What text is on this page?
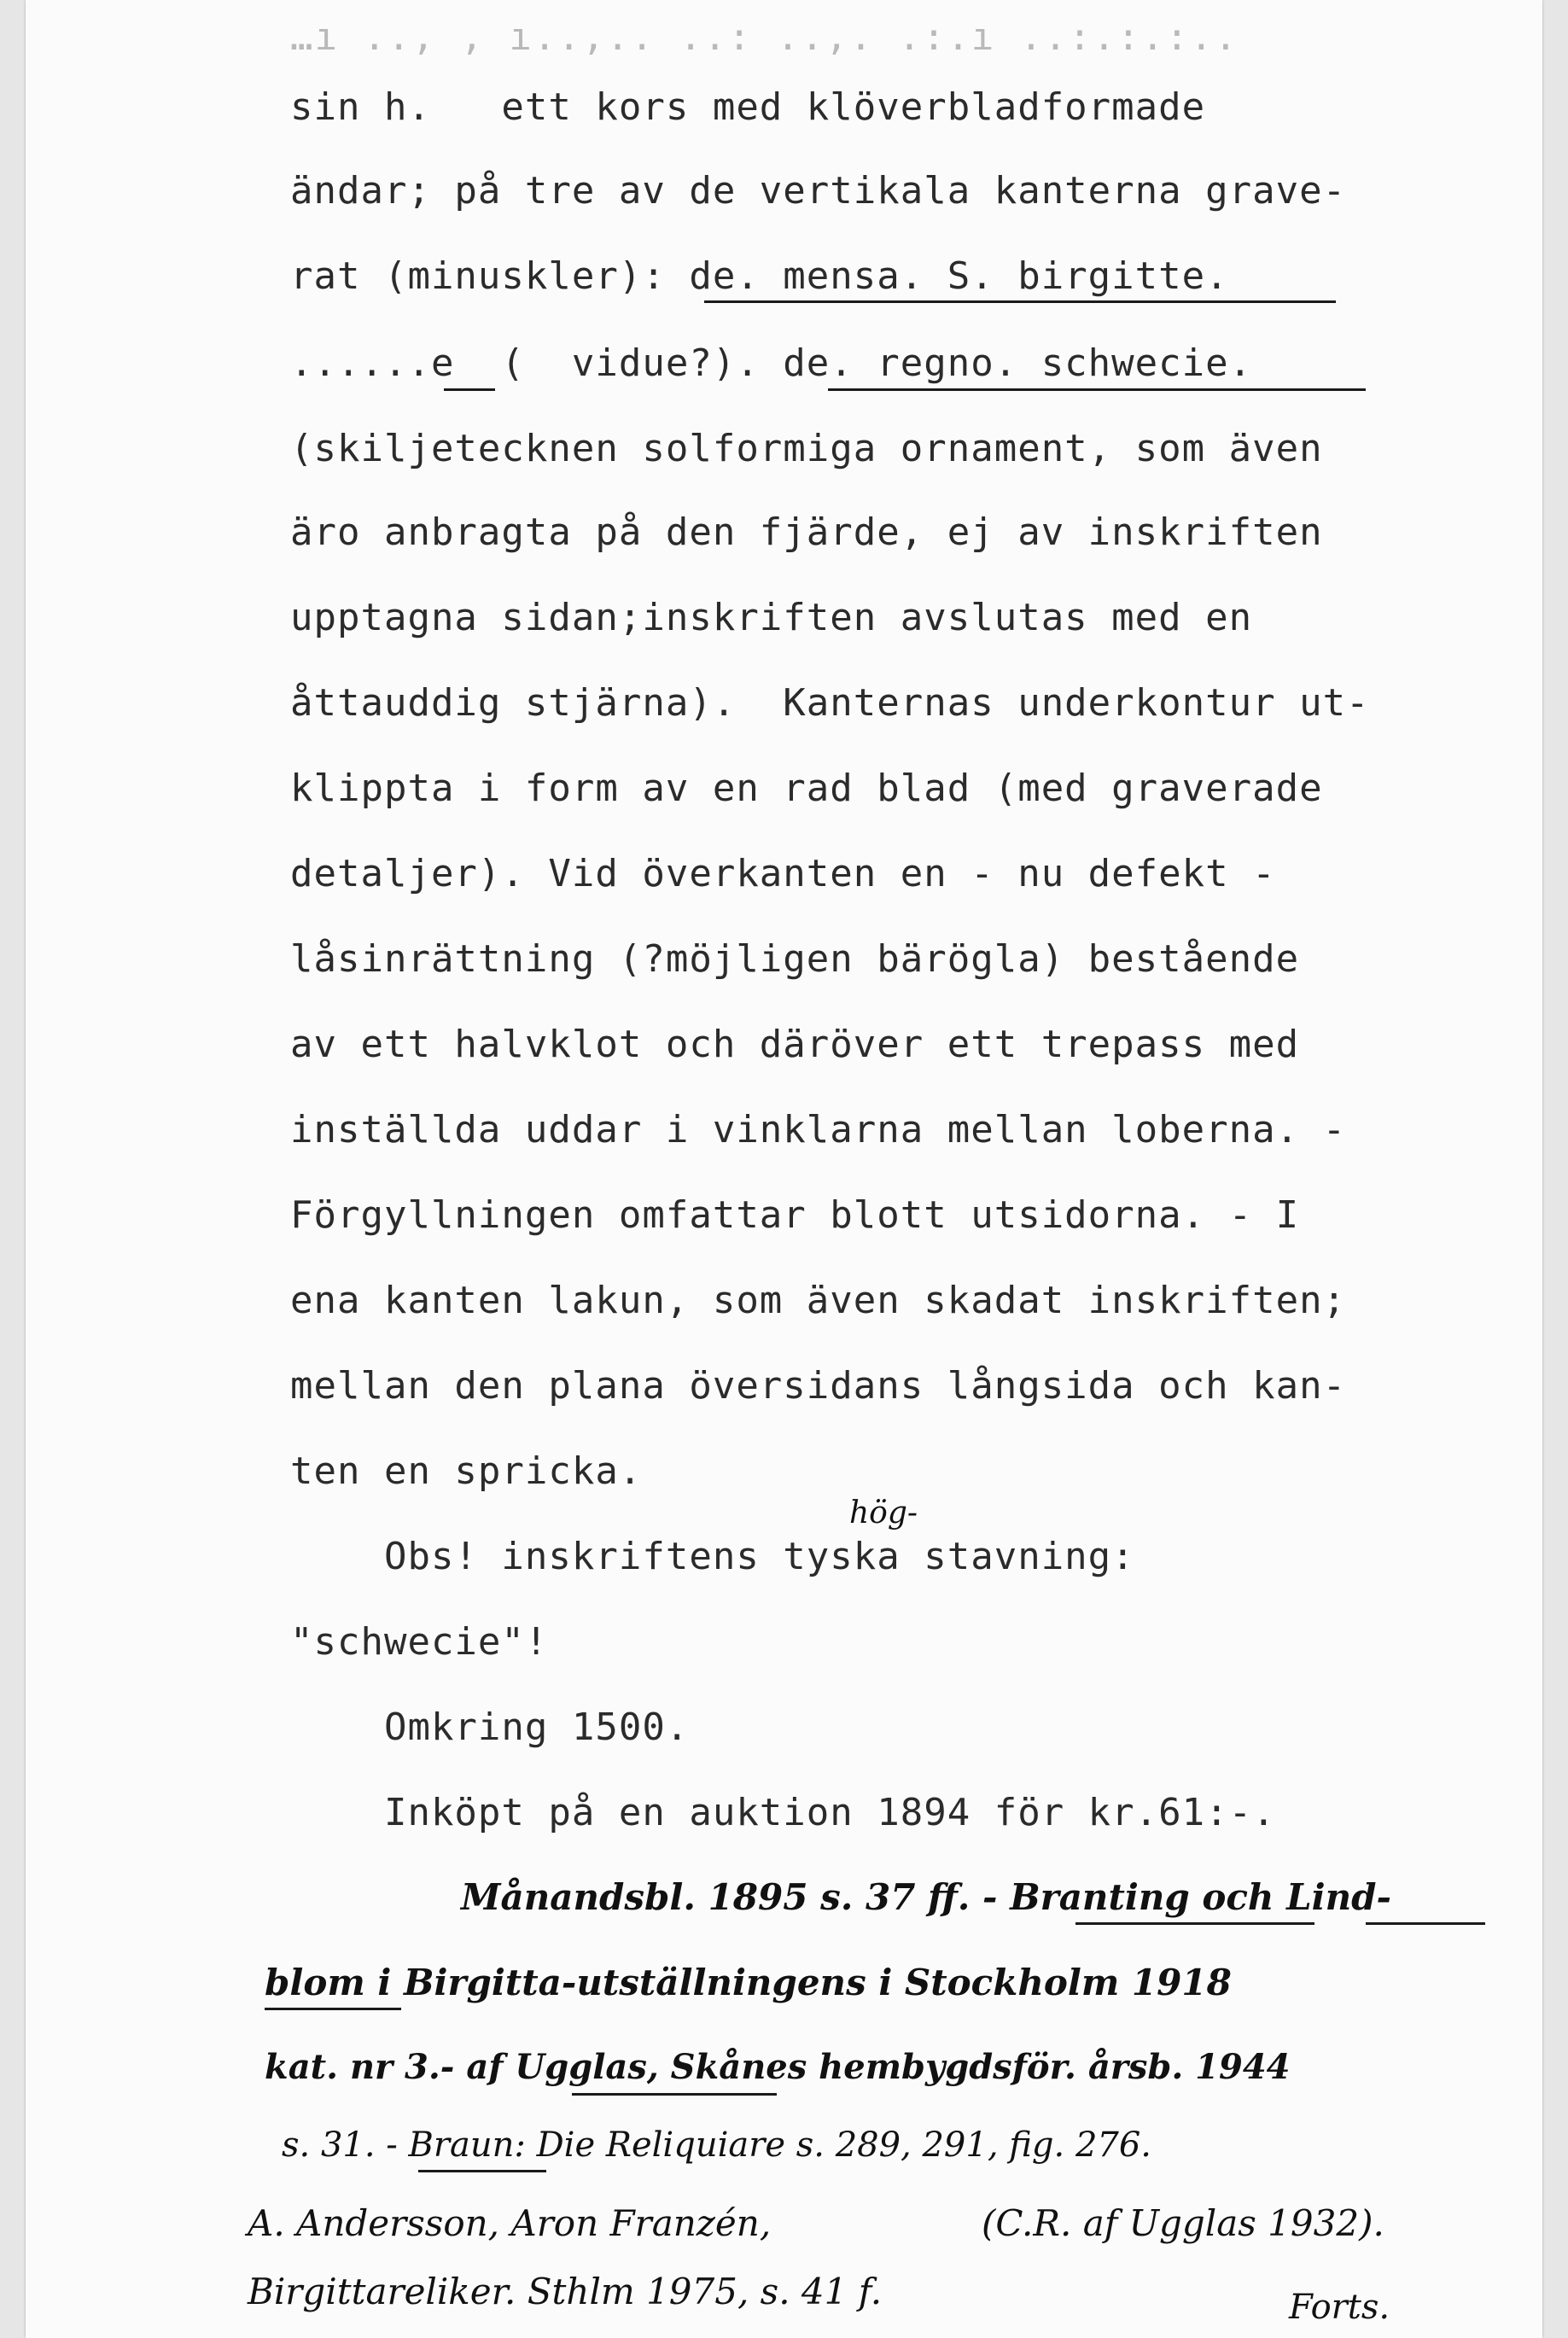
…ı ..‚ , ı..‚.. ..: ..‚. .:.ı ..:.:.:..
sin h.   ett kors med klöverbladformade
ändar; på tre av de vertikala kanterna grave-
rat (minuskler): de. mensa. S. birgitte.
......e  (  vidue?). de. regno. schwecie.
(skiljetecknen solformiga ornament, som även
äro anbragta på den fjärde, ej av inskriften
upptagna sidan;inskriften avslutas med en
åttauddig stjärna).  Kanternas underkontur ut-
klippta i form av en rad blad (med graverade
detaljer). Vid överkanten en - nu defekt -
låsinrättning (?möjligen bärögla) bestående
av ett halvklot och däröver ett trepass med
inställda uddar i vinklarna mellan loberna. -
Förgyllningen omfattar blott utsidorna. - I
ena kanten lakun, som även skadat inskriften;
mellan den plana översidans långsida och kan-
ten en spricka.
hög-
Obs! inskriftens tyska stavning:
"schwecie"!
Omkring 1500.
Inköpt på en auktion 1894 för kr.61:-.
Månandsbl. 1895 s. 37 ff. - Branting och Lind-
blom i Birgitta-utställningens i Stockholm 1918
kat. nr 3.- af Ugglas, Skånes hembygdsför. årsb. 1944
s. 31. - Braun: Die Reliquiare s. 289, 291, fig. 276.
A. Andersson, Aron Franzén,	(C.R. af Ugglas 1932).
Birgittareliker. Sthlm 1975, s. 41 f.	Forts.
